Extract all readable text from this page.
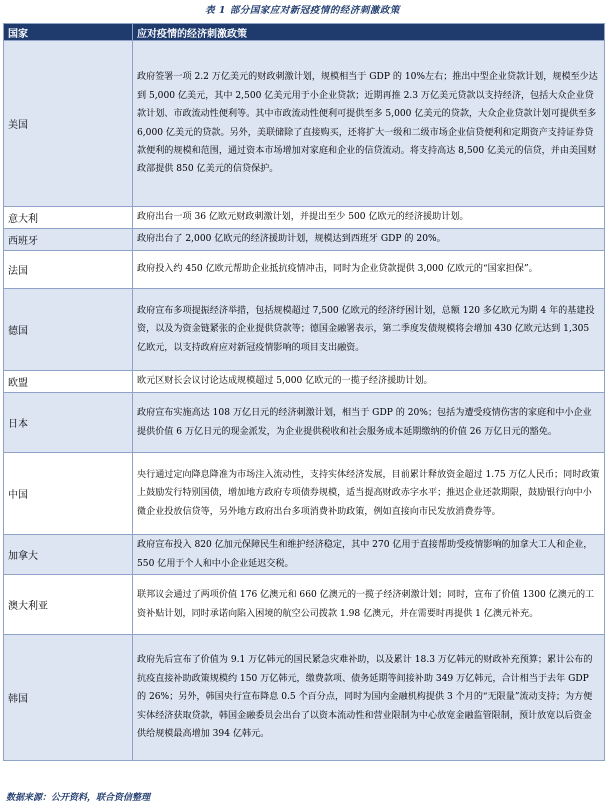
表 1 部分国家应对新冠疫情的经济刺激政策
国家	应对疫情的经济刺激政策
美国	政府签署一项 2.2 万亿美元的财政刺激计划，规模相当于 GDP 的 10%左右；推出中型企业贷款计划，规模至少达到 5,000 亿美元，其中 2,500 亿美元用于小企业贷款；近期再推 2.3 万亿美元贷款以支持经济，包括大众企业贷款计划、市政流动性便利等。其中市政流动性便利可提供至多 5,000 亿美元的贷款，大众企业贷款计划可提供至多 6,000 亿美元的贷款。另外，美联储除了直接购买，还将扩大一级和二级市场企业信贷便利和定期资产支持证券贷款便利的规模和范围，通过资本市场增加对家庭和企业的信贷流动。将支持高达 8,500 亿美元的信贷，并由美国财政部提供 850 亿美元的信贷保护。
意大利	政府出台一项 36 亿欧元财政刺激计划，并提出至少 500 亿欧元的经济援助计划。
西班牙	政府出台了 2,000 亿欧元的经济援助计划，规模达到西班牙 GDP 的 20%。
法国	政府投入约 450 亿欧元帮助企业抵抗疫情冲击，同时为企业贷款提供 3,000 亿欧元的“国家担保”。
德国	政府宣布多项提振经济举措，包括规模超过 7,500 亿欧元的经济纾困计划，总额 120 多亿欧元为期 4 年的基建投资，以及为资金链紧张的企业提供贷款等；德国金融署表示，第二季度发债规模将会增加 430 亿欧元达到 1,305 亿欧元，以支持政府应对新冠疫情影响的项目支出融资。
欧盟	欧元区财长会议讨论达成规模超过 5,000 亿欧元的一揽子经济援助计划。
日本	政府宣布实施高达 108 万亿日元的经济刺激计划，相当于 GDP 的 20%；包括为遭受疫情伤害的家庭和中小企业提供价值 6 万亿日元的现金派发，为企业提供税收和社会服务成本延期缴纳的价值 26 万亿日元的豁免。
中国	央行通过定向降息降准为市场注入流动性，支持实体经济发展，目前累计释放资金超过 1.75 万亿人民币；同时政策上鼓励发行特别国债，增加地方政府专项债券规模，适当提高财政赤字水平；推迟企业还款期限，鼓励银行向中小微企业投放信贷等，另外地方政府出台多项消费补助政策，例如直接向市民发放消费券等。
加拿大	政府宣布投入 820 亿加元保障民生和维护经济稳定，其中 270 亿用于直接帮助受疫情影响的加拿大工人和企业，550 亿用于个人和中小企业延迟交税。
澳大利亚	联邦议会通过了两项价值 176 亿澳元和 660 亿澳元的一揽子经济刺激计划；同时，宣布了价值 1300 亿澳元的工资补贴计划，同时承诺向陷入困境的航空公司拨款 1.98 亿澳元，并在需要时再提供 1 亿澳元补充。
韩国	政府先后宣布了价值为 9.1 万亿韩元的国民紧急灾难补助，以及累计 18.3 万亿韩元的财政补充预算；累计公布的抗疫直接补助政策规模约 150 万亿韩元，缴费款项、债务延期等间接补助 349 万亿韩元，合计相当于去年 GDP 的 26%；另外，韩国央行宣布降息 0.5 个百分点，同时为国内金融机构提供 3 个月的“无限量”流动支持；为方便实体经济获取贷款，韩国金融委员会出台了以资本流动性和营业限制为中心放宽金融监管限制，预计放宽以后资金供给规模最高增加 394 亿韩元。
数据来源：公开资料，联合资信整理
